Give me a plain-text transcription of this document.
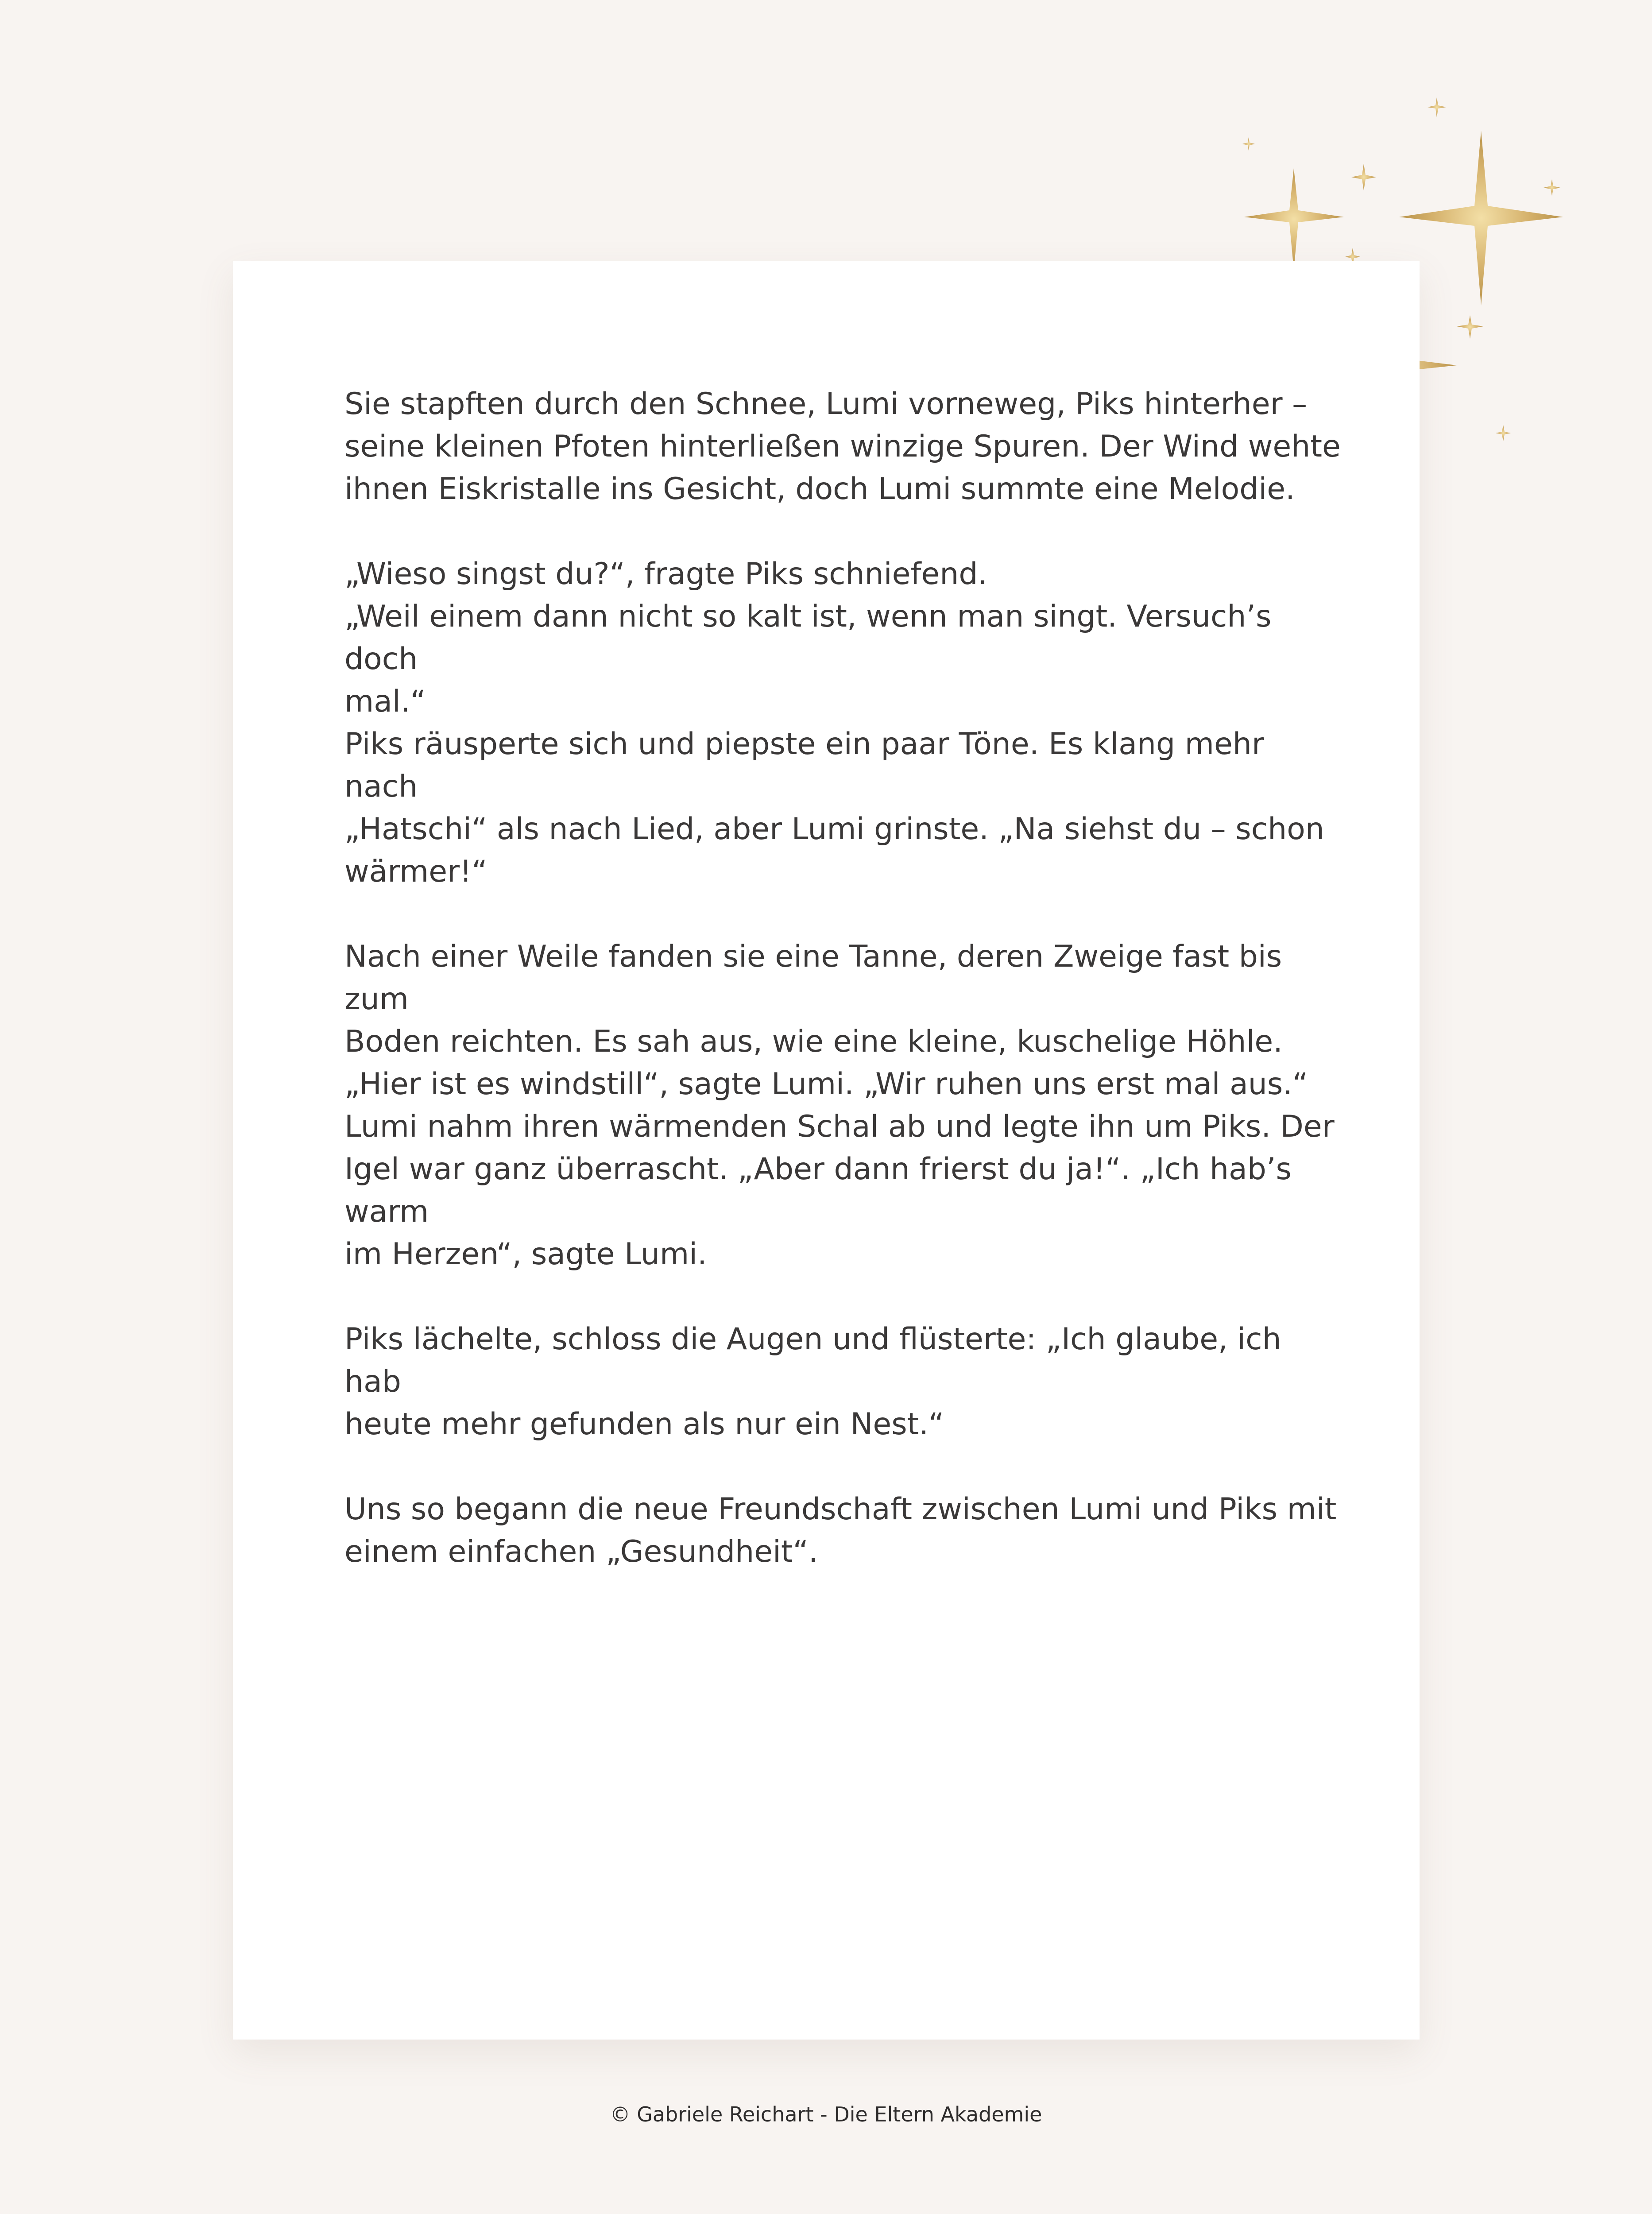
Sie stapften durch den Schnee, Lumi vorneweg, Piks hinterher –
seine kleinen Pfoten hinterließen winzige Spuren. Der Wind wehte
ihnen Eiskristalle ins Gesicht, doch Lumi summte eine Melodie.

„Wieso singst du?“, fragte Piks schniefend.
„Weil einem dann nicht so kalt ist, wenn man singt. Versuch’s doch
mal.“
Piks räusperte sich und piepste ein paar Töne. Es klang mehr nach
„Hatschi“ als nach Lied, aber Lumi grinste. „Na siehst du – schon
wärmer!“

Nach einer Weile fanden sie eine Tanne, deren Zweige fast bis zum
Boden reichten. Es sah aus, wie eine kleine, kuschelige Höhle.
„Hier ist es windstill“, sagte Lumi. „Wir ruhen uns erst mal aus.“
Lumi nahm ihren wärmenden Schal ab und legte ihn um Piks. Der
Igel war ganz überrascht. „Aber dann frierst du ja!“. „Ich hab’s warm
im Herzen“, sagte Lumi.

Piks lächelte, schloss die Augen und flüsterte: „Ich glaube, ich hab
heute mehr gefunden als nur ein Nest.“

Uns so begann die neue Freundschaft zwischen Lumi und Piks mit
einem einfachen „Gesundheit“.

© Gabriele Reichart - Die Eltern Akademie
